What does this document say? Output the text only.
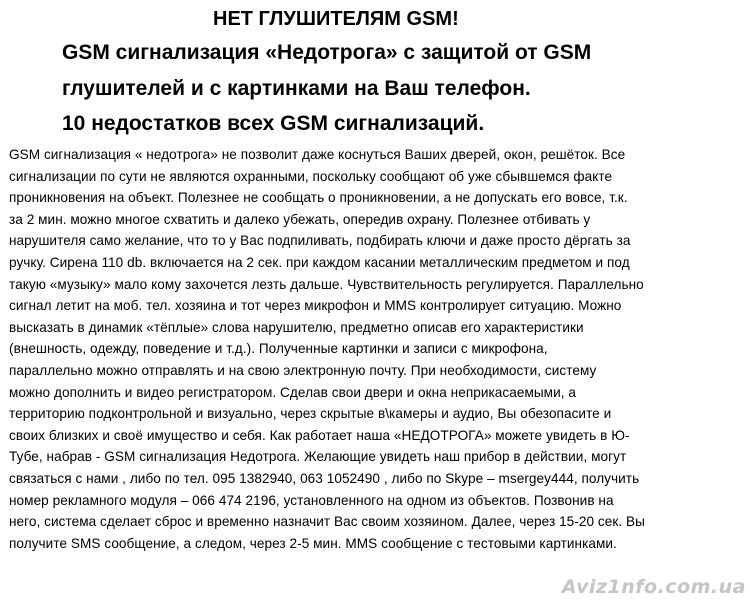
НЕТ ГЛУШИТЕЛЯМ GSM!
GSM сигнализация «Недотрога» с защитой от GSM
глушителей и с картинками на Ваш телефон.
10 недостатков всех GSM сигнализаций.
GSM сигнализация « недотрога» не позволит даже коснуться Ваших дверей, окон, решёток. Все
сигнализации по сути не являются охранными, поскольку сообщают об уже сбывшемся факте
проникновения на объект. Полезнее не сообщать о проникновении, а не допускать его вовсе, т.к.
за 2 мин. можно многое схватить и далеко убежать, опередив охрану. Полезнее отбивать у
нарушителя само желание, что то у Вас подпиливать, подбирать ключи и даже просто дёргать за
ручку. Сирена 110 db. включается на 2 сек. при каждом касании металлическим предметом и под
такую «музыку» мало кому захочется лезть дальше. Чувствительность регулируется. Параллельно
сигнал летит на моб. тел. хозяина и тот через микрофон и MMS контролирует ситуацию. Можно
высказать в динамик «тёплые» слова нарушителю, предметно описав его характеристики
(внешность, одежду, поведение и т.д.). Полученные картинки и записи с микрофона,
параллельно можно отправлять и на свою электронную почту. При необходимости, систему
можно дополнить и видео регистратором. Сделав свои двери и окна неприкасаемыми, а
территорию подконтрольной и визуально, через скрытые в\камеры и аудио, Вы обезопасите и
своих близких и своё имущество и себя. Как работает наша «НЕДОТРОГА» можете увидеть в Ю-
Тубе, набрав - GSM сигнализация Недотрога. Желающие увидеть наш прибор в действии, могут
связаться с нами , либо по тел. 095 1382940, 063 1052490 , либо по Skype – msergey444, получить
номер рекламного модуля – 066 474 2196, установленного на одном из объектов. Позвонив на
него, система сделает сброс и временно назначит Вас своим хозяином. Далее, через 15-20 сек. Вы
получите SMS сообщение, а следом, через 2-5 мин. MMS сообщение с тестовыми картинками.
Aviz1nfo.com.ua
